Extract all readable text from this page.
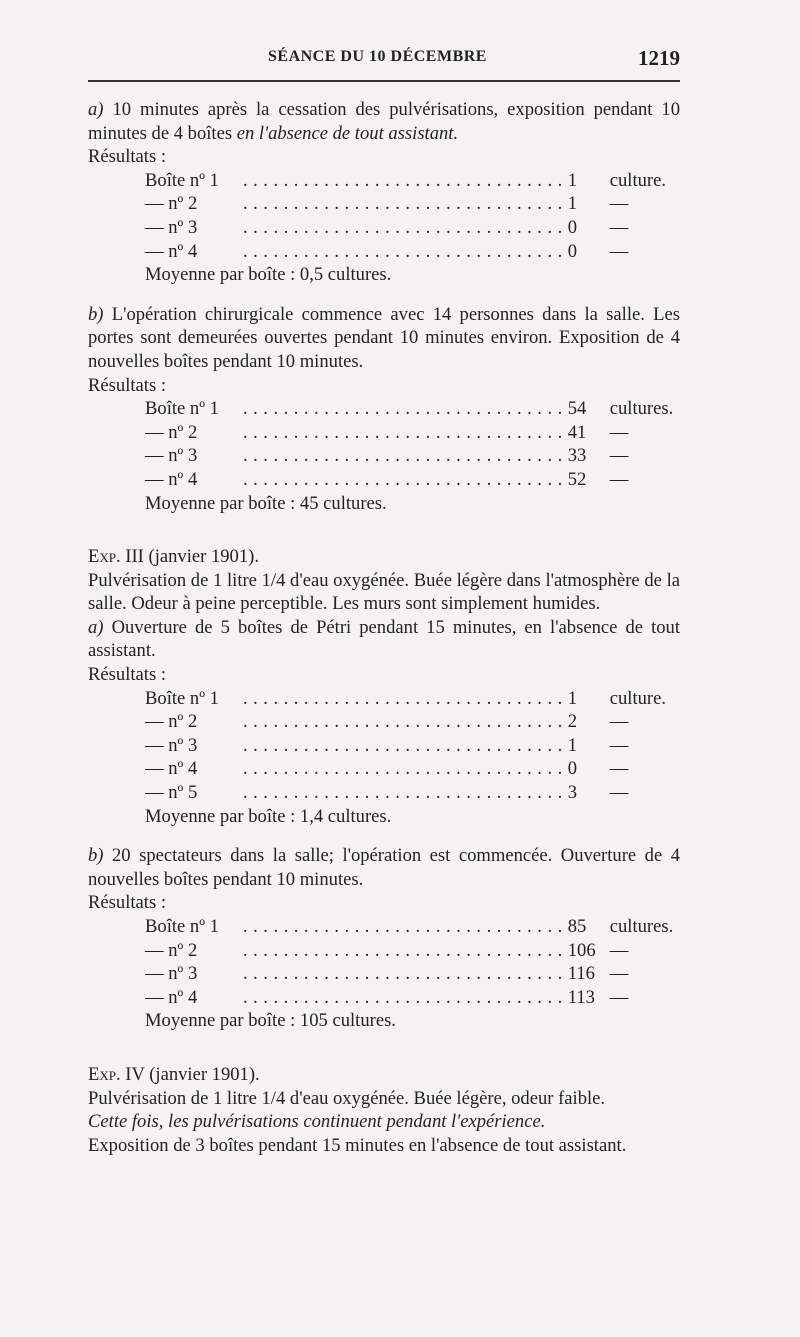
SÉANCE DU 10 DÉCEMBRE	1219

a) 10 minutes après la cessation des pulvérisations, exposition pendant 10 minutes de 4 boîtes en l'absence de tout assistant.

Résultats :
Boîte nº 1	................................	1	culture.
— nº 2	................................	1	—
— nº 3	................................	0	—
— nº 4	................................	0	—
Moyenne par boîte : 0,5 cultures.

b) L'opération chirurgicale commence avec 14 personnes dans la salle. Les portes sont demeurées ouvertes pendant 10 minutes environ. Exposition de 4 nouvelles boîtes pendant 10 minutes.

Résultats :
Boîte nº 1	................................	54	cultures.
— nº 2	................................	41	—
— nº 3	................................	33	—
— nº 4	................................	52	—
Moyenne par boîte : 45 cultures.
Exp. III (janvier 1901).

Pulvérisation de 1 litre 1/4 d'eau oxygénée. Buée légère dans l'atmosphère de la salle. Odeur à peine perceptible. Les murs sont simplement humides.

a) Ouverture de 5 boîtes de Pétri pendant 15 minutes, en l'absence de tout assistant.

Résultats :
Boîte nº 1	................................	1	culture.
— nº 2	................................	2	—
— nº 3	................................	1	—
— nº 4	................................	0	—
— nº 5	................................	3	—
Moyenne par boîte : 1,4 cultures.

b) 20 spectateurs dans la salle; l'opération est commencée. Ouverture de 4 nouvelles boîtes pendant 10 minutes.

Résultats :
Boîte nº 1	................................	85	cultures.
— nº 2	................................	106	—
— nº 3	................................	116	—
— nº 4	................................	113	—
Moyenne par boîte : 105 cultures.
Exp. IV (janvier 1901).

Pulvérisation de 1 litre 1/4 d'eau oxygénée. Buée légère, odeur faible.

Cette fois, les pulvérisations continuent pendant l'expérience.

Exposition de 3 boîtes pendant 15 minutes en l'absence de tout assistant.
